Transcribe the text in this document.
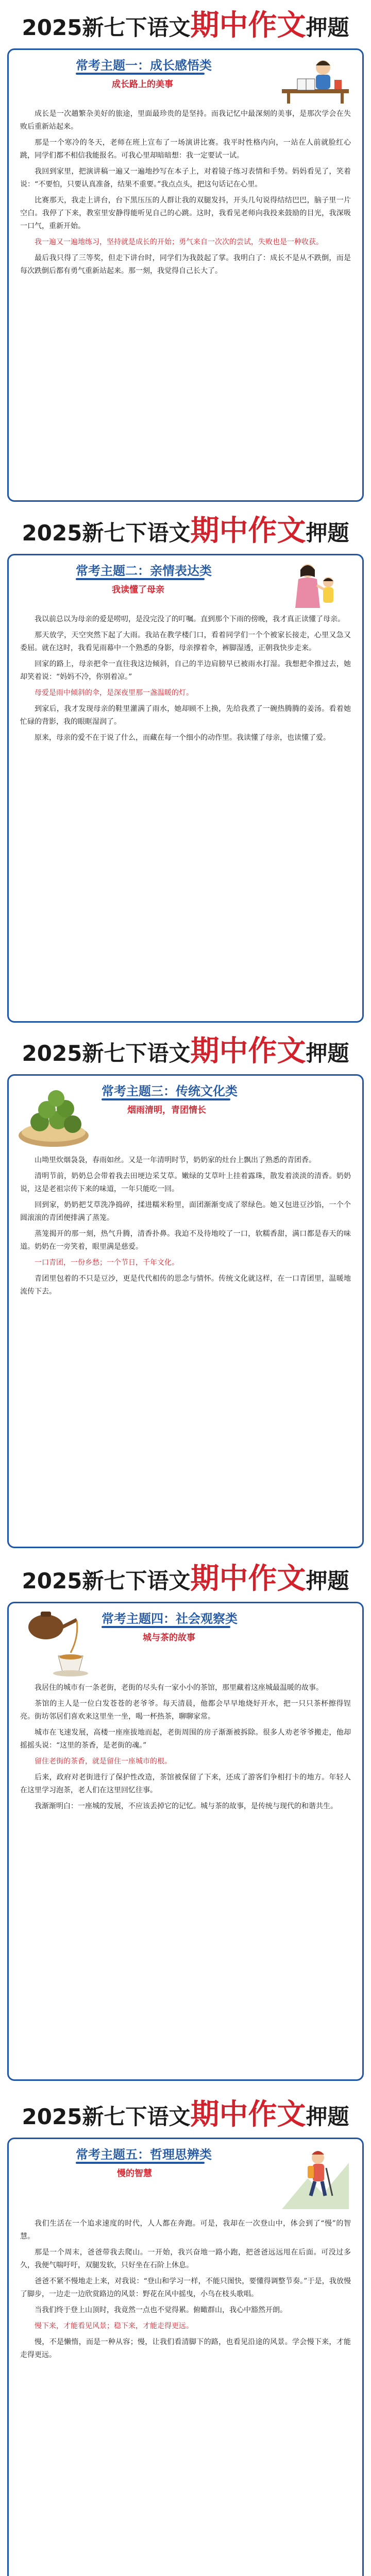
2025新七下语文期中作文押题
常考主题一：成长感悟类
成长路上的美事

成长是一次趟繁杂美好的旅途，里面最珍贵的是坚持。而我记忆中最深刻的美事，是那次学会在失败后重新站起来。

那是一个寒冷的冬天，老师在班上宣布了一场演讲比赛。我平时性格内向，一站在人前就脸红心跳，同学们都不相信我能报名。可我心里却暗暗想：我一定要试一试。

我回到家里，把演讲稿一遍又一遍地抄写在本子上，对着镜子练习表情和手势。妈妈看见了，笑着说：“不要怕，只要认真准备，结果不重要。”我点点头，把这句话记在心里。

比赛那天，我走上讲台，台下黑压压的人群让我的双腿发抖，开头几句说得结结巴巴，脑子里一片空白。我停了下来，教室里安静得能听见自己的心跳。这时，我看见老师向我投来鼓励的目光，我深吸一口气，重新开始。

我一遍又一遍地练习，坚持就是成长的开始；勇气来自一次次的尝试，失败也是一种收获。

最后我只得了三等奖，但走下讲台时，同学们为我鼓起了掌。我明白了：成长不是从不跌倒，而是每次跌倒后都有勇气重新站起来。那一刻，我觉得自己长大了。

2025新七下语文期中作文押题
常考主题二：亲情表达类
我读懂了母亲

我以前总以为母亲的爱是唠叨，是没完没了的叮嘱。直到那个下雨的傍晚，我才真正读懂了母亲。

那天放学，天空突然下起了大雨。我站在教学楼门口，看着同学们一个个被家长接走，心里又急又委屈。就在这时，我看见雨幕中一个熟悉的身影，母亲撑着伞，裤脚湿透，正朝我快步走来。

回家的路上，母亲把伞一直往我这边倾斜，自己的半边肩膀早已被雨水打湿。我想把伞推过去，她却笑着说：“妈妈不冷，你别着凉。”

母爱是雨中倾斜的伞，是深夜里那一盏温暖的灯。

到家后，我才发现母亲的鞋里灌满了雨水，她却顾不上换，先给我煮了一碗热腾腾的姜汤。看着她忙碌的背影，我的眼眶湿润了。

原来，母亲的爱不在于说了什么，而藏在每一个细小的动作里。我读懂了母亲，也读懂了爱。

2025新七下语文期中作文押题
常考主题三：传统文化类
烟雨清明，青团情长

山坳里炊烟袅袅，春雨如丝。又是一年清明时节，奶奶家的灶台上飘出了熟悉的青团香。

清明节前，奶奶总会带着我去田埂边采艾草。嫩绿的艾草叶上挂着露珠，散发着淡淡的清香。奶奶说，这是老祖宗传下来的味道，一年只能吃一回。

回到家，奶奶把艾草洗净捣碎，揉进糯米粉里，面团渐渐变成了翠绿色。她又包进豆沙馅，一个个圆滚滚的青团便排满了蒸笼。

蒸笼揭开的那一刻，热气升腾，清香扑鼻。我迫不及待地咬了一口，软糯香甜，满口都是春天的味道。奶奶在一旁笑着，眼里满是慈爱。

一口青团，一份乡愁；一个节日，千年文化。

青团里包着的不只是豆沙，更是代代相传的思念与情怀。传统文化就这样，在一口青团里，温暖地流传下去。

2025新七下语文期中作文押题
常考主题四：社会观察类
城与茶的故事

我居住的城市有一条老街，老街的尽头有一家小小的茶馆，那里藏着这座城最温暖的故事。

茶馆的主人是一位白发苍苍的老爷爷。每天清晨，他都会早早地烧好开水，把一只只茶杯擦得锃亮。街坊邻居们喜欢来这里坐一坐，喝一杯热茶，聊聊家常。

城市在飞速发展，高楼一座座拔地而起，老街周围的房子渐渐被拆除。很多人劝老爷爷搬走，他却摇摇头说：“这里的茶香，是老街的魂。”

留住老街的茶香，就是留住一座城市的根。

后来，政府对老街进行了保护性改造，茶馆被保留了下来，还成了游客们争相打卡的地方。年轻人在这里学习泡茶，老人们在这里回忆往事。

我渐渐明白：一座城的发展，不应该丢掉它的记忆。城与茶的故事，是传统与现代的和谐共生。

2025新七下语文期中作文押题
常考主题五：哲理思辨类
慢的智慧

我们生活在一个追求速度的时代，人人都在奔跑。可是，我却在一次登山中，体会到了“慢”的智慧。

那是一个周末，爸爸带我去爬山。一开始，我兴奋地一路小跑，把爸爸远远甩在后面。可没过多久，我便气喘吁吁，双腿发软，只好坐在石阶上休息。

爸爸不紧不慢地走上来，对我说：“登山和学习一样，不能只图快，要懂得调整节奏。”于是，我放慢了脚步，一边走一边欣赏路边的风景：野花在风中摇曳，小鸟在枝头歌唱。

当我们终于登上山顶时，我竟然一点也不觉得累。俯瞰群山，我心中豁然开朗。

慢下来，才能看见风景；稳下来，才能走得更远。

慢，不是懒惰，而是一种从容；慢，让我们看清脚下的路，也看见沿途的风景。学会慢下来，才能走得更远。
